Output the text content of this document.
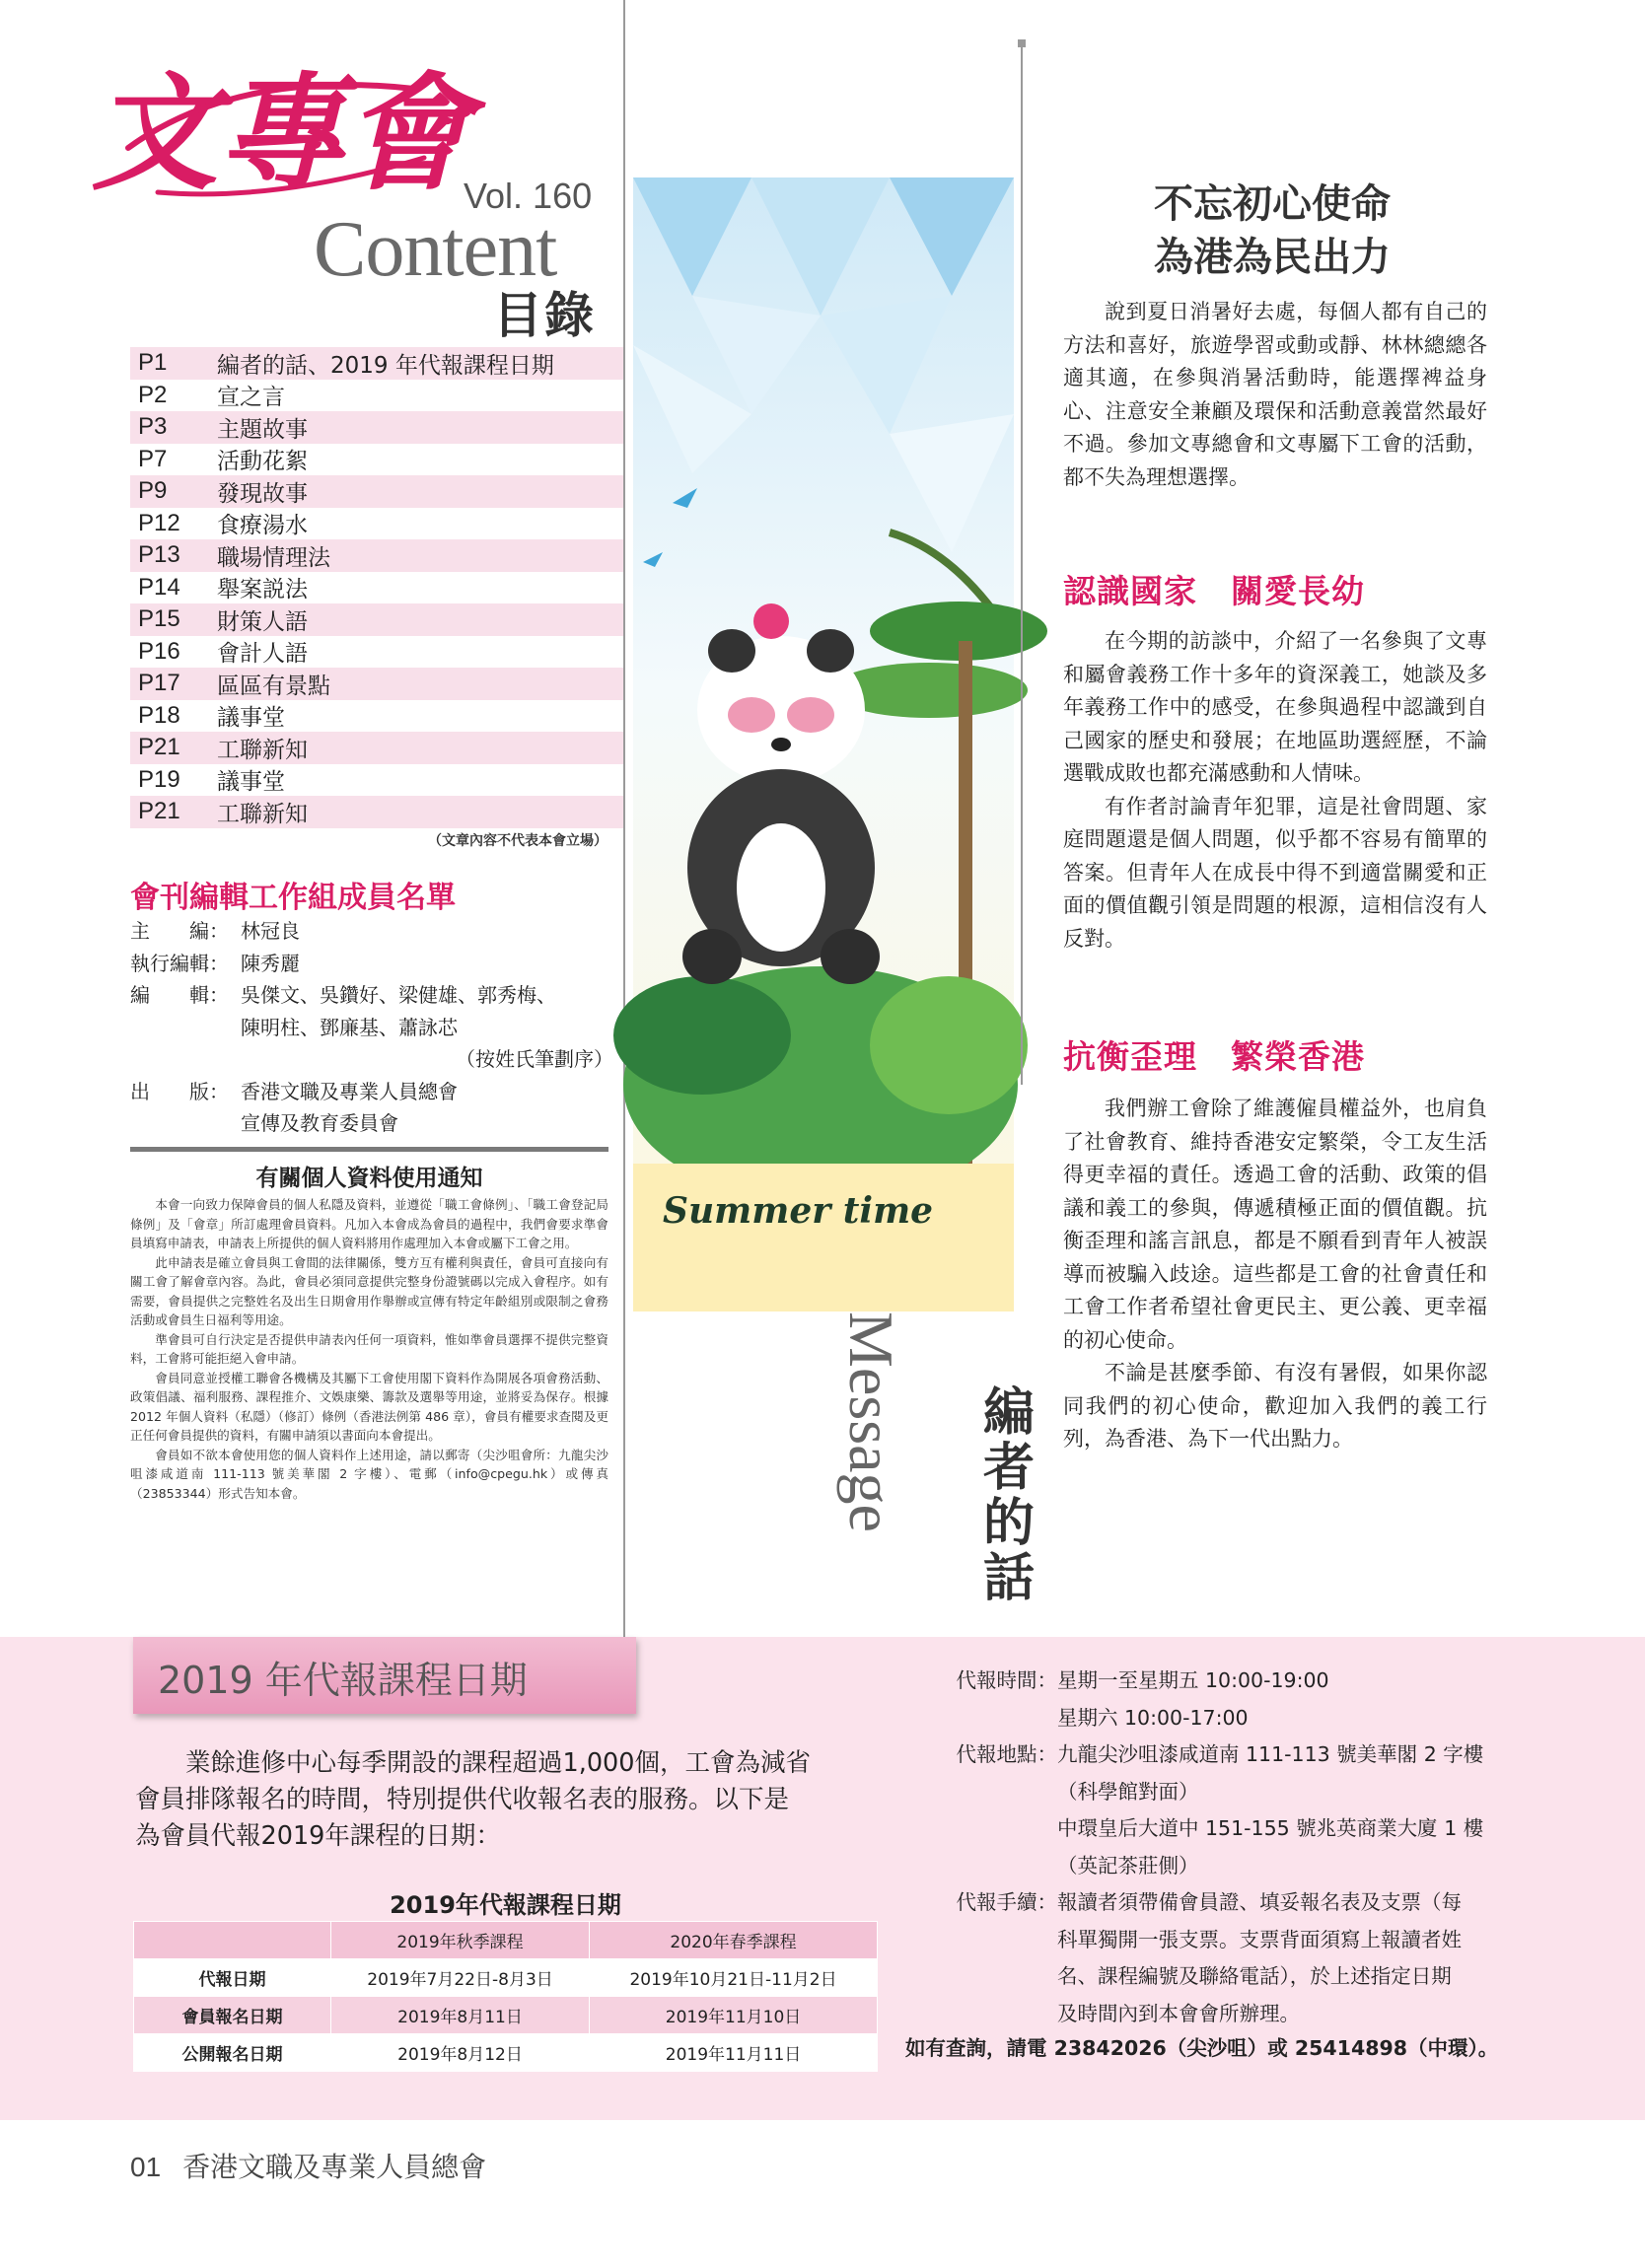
文專會
Vol. 160
Content
目錄
P1	編者的話、2019 年代報課程日期
P2	宣之言
P3	主題故事
P7	活動花絮
P9	發現故事
P12	食療湯水
P13	職場情理法
P14	舉案説法
P15	財策人語
P16	會計人語
P17	區區有景點
P18	議事堂
P21	工聯新知
P19	議事堂
P21	工聯新知
（文章內容不代表本會立場）
會刊編輯工作組成員名單
主　　編： 林冠良
執行編輯： 陳秀麗
編　　輯： 吳傑文、吳鑽好、梁健雄、郭秀梅、
陳明柱、鄧廉基、蕭詠芯
（按姓氏筆劃序）
出　　版： 香港文職及專業人員總會
宣傳及教育委員會
有關個人資料使用通知

本會一向致力保障會員的個人私隱及資料，並遵從「職工會條例」、「職工會登記局條例」及「會章」所訂處理會員資料。凡加入本會成為會員的過程中，我們會要求準會員填寫申請表，申請表上所提供的個人資料將用作處理加入本會或屬下工會之用。

此申請表是確立會員與工會間的法律關係，雙方互有權利與責任，會員可直接向有關工會了解會章內容。為此，會員必須同意提供完整身份證號碼以完成入會程序。如有需要，會員提供之完整姓名及出生日期會用作舉辦或宣傳有特定年齡組別或限制之會務活動或會員生日福利等用途。

準會員可自行決定是否提供申請表內任何一項資料，惟如準會員選擇不提供完整資料，工會將可能拒絕入會申請。

會員同意並授權工聯會各機構及其屬下工會使用閣下資料作為開展各項會務活動、政策倡議、福利服務、課程推介、文娛康樂、籌款及選舉等用途，並將妥為保存。根據 2012 年個人資料（私隱）（修訂）條例（香港法例第 486 章），會員有權要求查閱及更正任何會員提供的資料，有關申請須以書面向本會提出。

會員如不欲本會使用您的個人資料作上述用途，請以郵寄（尖沙咀會所：九龍尖沙咀漆咸道南 111-113 號美華閣 2 字樓）、電郵（info@cpegu.hk）或傳真（23853344）形式告知本會。

Summer time
Message 編者的話
不忘初心使命
為港為民出力

說到夏日消暑好去處，每個人都有自己的方法和喜好，旅遊學習或動或靜、林林總總各適其適，在參與消暑活動時，能選擇裨益身心、注意安全兼顧及環保和活動意義當然最好不過。參加文專總會和文專屬下工會的活動，都不失為理想選擇。

認識國家　關愛長幼

在今期的訪談中，介紹了一名參與了文專和屬會義務工作十多年的資深義工，她談及多年義務工作中的感受，在參與過程中認識到自己國家的歷史和發展；在地區助選經歷，不論選戰成敗也都充滿感動和人情味。

有作者討論青年犯罪，這是社會問題、家庭問題還是個人問題，似乎都不容易有簡單的答案。但青年人在成長中得不到適當關愛和正面的價值觀引領是問題的根源，這相信沒有人反對。

抗衡歪理　繁榮香港

我們辦工會除了維護僱員權益外，也肩負了社會教育、維持香港安定繁榮，令工友生活得更幸福的責任。透過工會的活動、政策的倡議和義工的參與，傳遞積極正面的價值觀。抗衡歪理和謠言訊息，都是不願看到青年人被誤導而被騙入歧途。這些都是工會的社會責任和工會工作者希望社會更民主、更公義、更幸福的初心使命。

不論是甚麼季節、有沒有暑假，如果你認同我們的初心使命，歡迎加入我們的義工行列，為香港、為下一代出點力。

2019 年代報課程日期
業餘進修中心每季開設的課程超過1,000個，工會為減省
會員排隊報名的時間，特別提供代收報名表的服務。以下是
為會員代報2019年課程的日期：
2019年代報課程日期
	2019年秋季課程	2020年春季課程
代報日期	2019年7月22日-8月3日	2019年10月21日-11月2日
會員報名日期	2019年8月11日	2019年11月10日
公開報名日期	2019年8月12日	2019年11月11日
代報時間： 星期一至星期五 10:00-19:00
星期六 10:00-17:00
代報地點： 九龍尖沙咀漆咸道南 111-113 號美華閣 2 字樓
（科學館對面）
中環皇后大道中 151-155 號兆英商業大廈 1 樓
（英記茶莊側）
代報手續： 報讀者須帶備會員證、填妥報名表及支票（每
科單獨開一張支票。支票背面須寫上報讀者姓
名、課程編號及聯絡電話），於上述指定日期
及時間內到本會會所辦理。
如有查詢，請電 23842026（尖沙咀）或 25414898（中環）。
01 香港文職及專業人員總會
